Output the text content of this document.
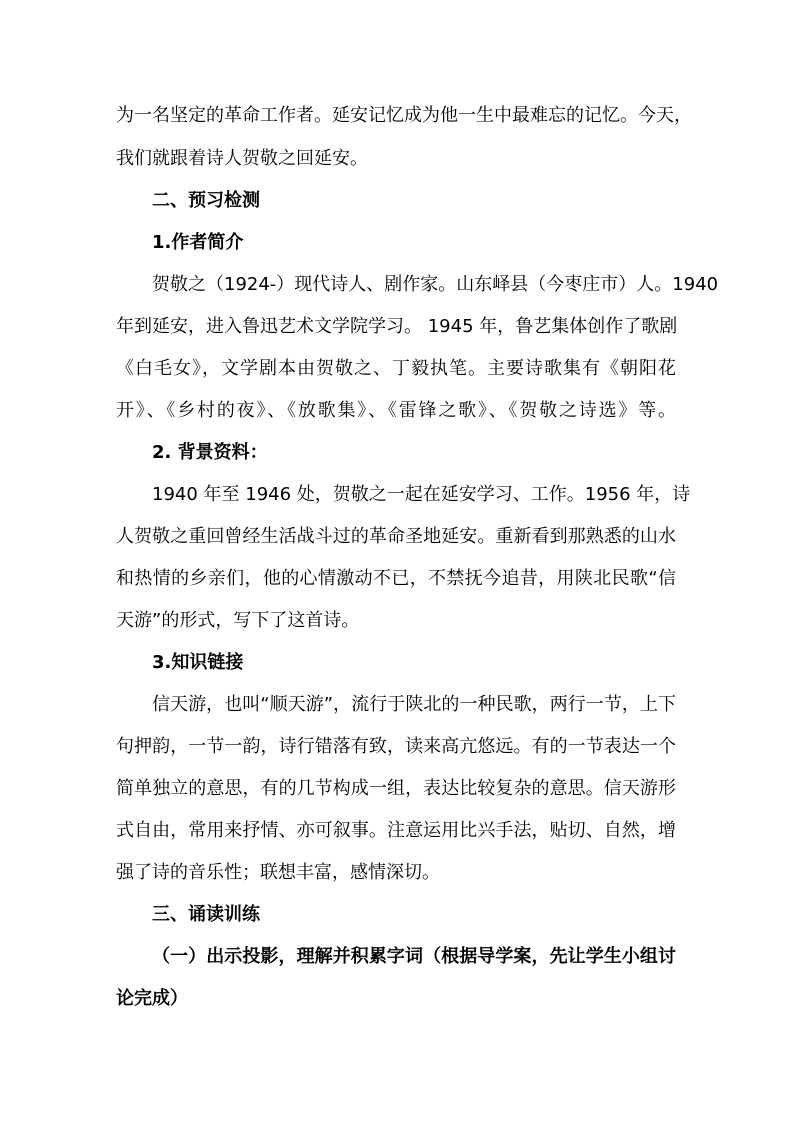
为一名坚定的革命工作者。延安记忆成为他一生中最难忘的记忆。今天，
我们就跟着诗人贺敬之回延安。
二、预习检测
1.作者简介
贺敬之（1924-）现代诗人、剧作家。山东峄县（今枣庄市）人。1940
年到延安，进入鲁迅艺术文学院学习。 1945 年，鲁艺集体创作了歌剧
《白毛女》，文学剧本由贺敬之、丁毅执笔。主要诗歌集有《朝阳花
开》、《乡村的夜》、《放歌集》、《雷锋之歌》、《贺敬之诗选》等。
2. 背景资料：
1940 年至 1946 处，贺敬之一起在延安学习、工作。1956 年，诗
人贺敬之重回曾经生活战斗过的革命圣地延安。重新看到那熟悉的山水
和热情的乡亲们，他的心情激动不已，不禁抚今追昔，用陕北民歌“信
天游”的形式，写下了这首诗。
3.知识链接
信天游，也叫“顺天游”，流行于陕北的一种民歌，两行一节，上下
句押韵，一节一韵，诗行错落有致，读来高亢悠远。有的一节表达一个
简单独立的意思，有的几节构成一组，表达比较复杂的意思。信天游形
式自由，常用来抒情、亦可叙事。注意运用比兴手法，贴切、自然，增
强了诗的音乐性；联想丰富，感情深切。
三、诵读训练
（一）出示投影，理解并积累字词（根据导学案，先让学生小组讨
论完成）
